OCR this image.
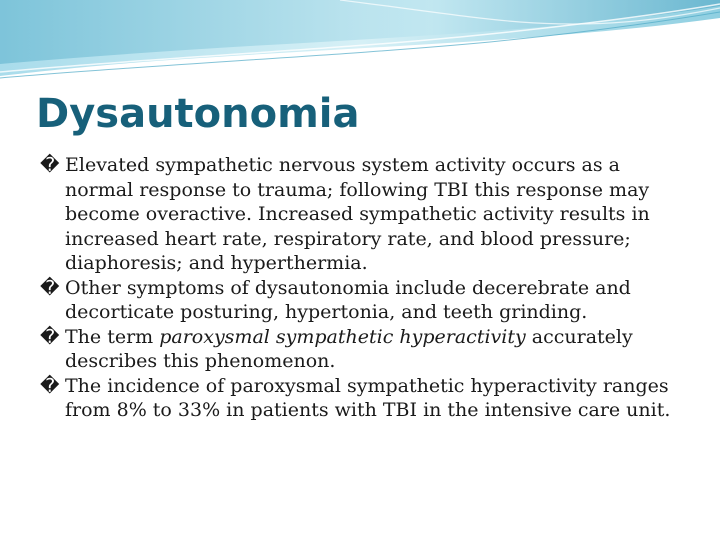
Dysautonomia

� Elevated sympathetic nervous system activity occurs as a normal response to trauma; following TBI this response may become overactive. Increased sympathetic activity results in increased heart rate, respiratory rate, and blood pressure; diaphoresis; and hyperthermia.

� Other symptoms of dysautonomia include decerebrate and decorticate posturing, hypertonia, and teeth grinding.

� The term paroxysmal sympathetic hyperactivity accurately describes this phenomenon.

� The incidence of paroxysmal sympathetic hyperactivity ranges from 8% to 33% in patients with TBI in the intensive care unit.
